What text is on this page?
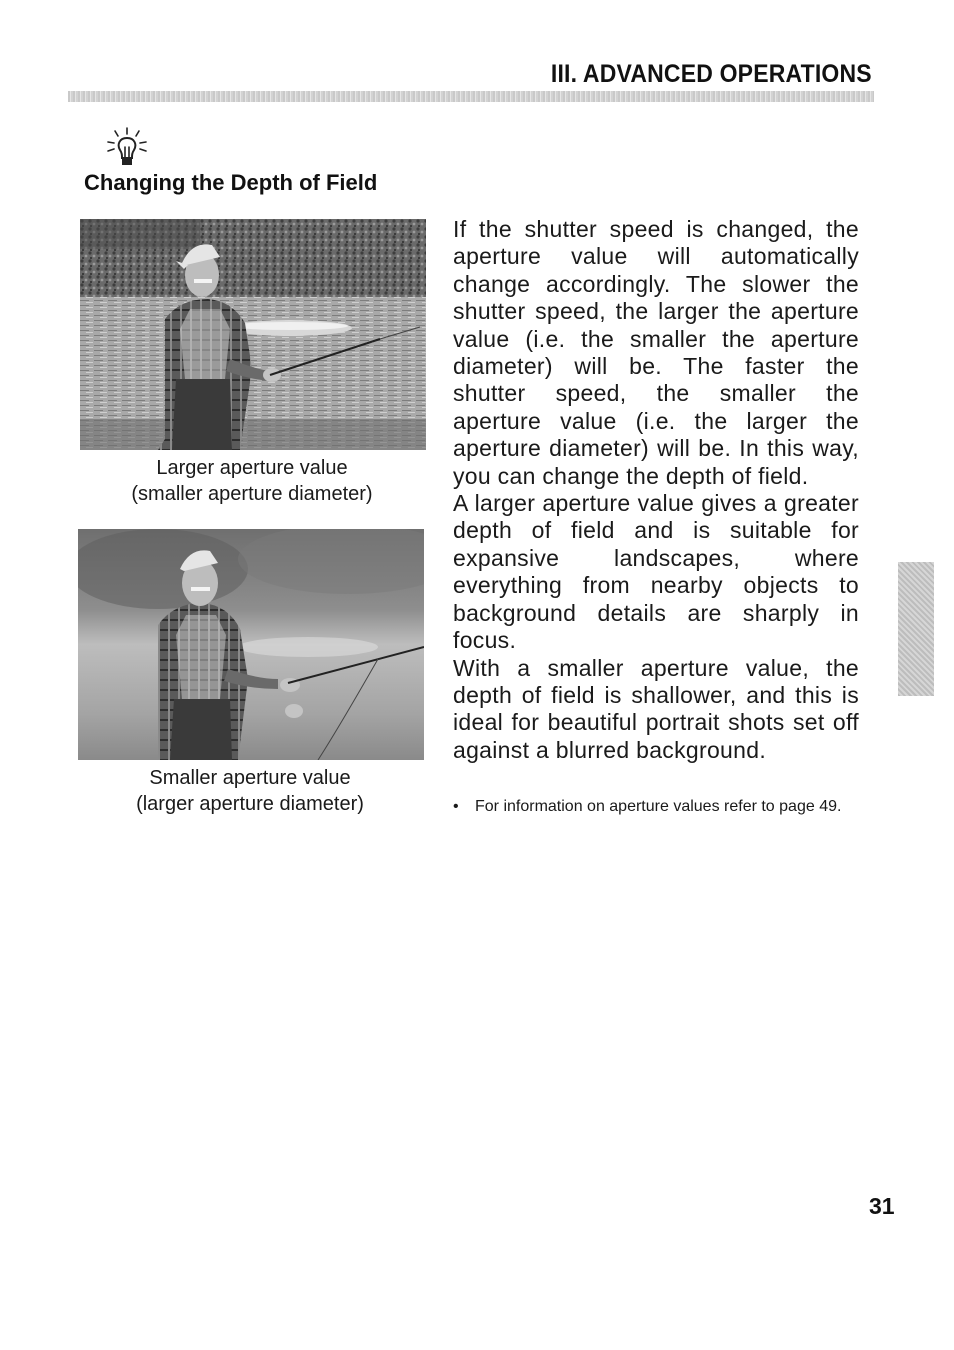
III. ADVANCED OPERATIONS
Changing the Depth of Field
Larger aperture value
(smaller aperture diameter)
Smaller aperture value
(larger aperture diameter)

If the shutter speed is changed, the aperture value will automatically change accordingly. The slower the shutter speed, the larger the aperture value (i.e. the smaller the aperture diameter) will be. The faster the shutter speed, the smaller the aperture value (i.e. the larger the aperture diameter) will be. In this way, you can change the depth of field.

A larger aperture value gives a greater depth of field and is suitable for expansive landscapes, where everything from nearby objects to background details are sharply in focus.

With a smaller aperture value, the depth of field is shallower, and this is ideal for beautiful portrait shots set off against a blurred background.

•	For information on aperture values refer to page 49.
31
